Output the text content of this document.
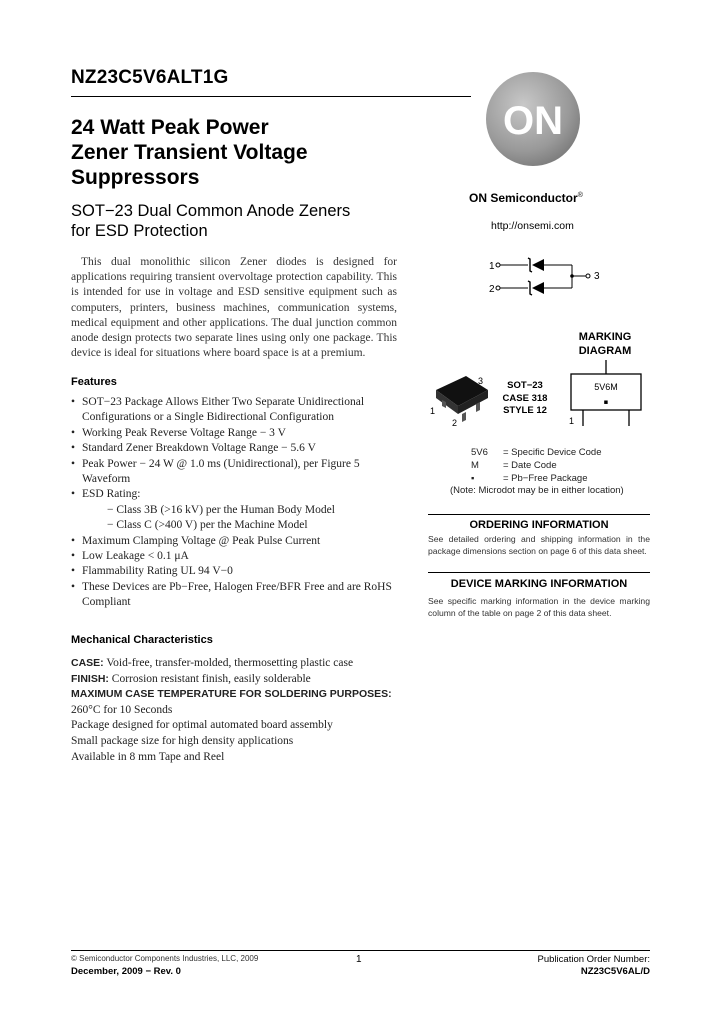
NZ23C5V6ALT1G
24 Watt Peak Power
Zener Transient Voltage
Suppressors
SOT−23 Dual Common Anode Zeners
for ESD Protection

This dual monolithic silicon Zener diodes is designed for applications requiring transient overvoltage protection capability. This is intended for use in voltage and ESD sensitive equipment such as computers, printers, business machines, communication systems, medical equipment and other applications. The dual junction common anode design protects two separate lines using only one package. This device is ideal for situations where board space is at a premium.

Features
• SOT−23 Package Allows Either Two Separate Unidirectional Configurations or a Single Bidirectional Configuration
• Working Peak Reverse Voltage Range − 3 V
• Standard Zener Breakdown Voltage Range − 5.6 V
• Peak Power − 24 W @ 1.0 ms (Unidirectional), per Figure 5 Waveform
• ESD Rating:
− Class 3B (>16 kV) per the Human Body Model
− Class C (>400 V) per the Machine Model
• Maximum Clamping Voltage @ Peak Pulse Current
• Low Leakage < 0.1 μA
• Flammability Rating UL 94 V−0
• These Devices are Pb−Free, Halogen Free/BFR Free and are RoHS Compliant
Mechanical Characteristics
CASE: Void-free, transfer-molded, thermosetting plastic case
FINISH: Corrosion resistant finish, easily solderable
MAXIMUM CASE TEMPERATURE FOR SOLDERING PURPOSES:
260°C for 10 Seconds
Package designed for optimal automated board assembly
Small package size for high density applications
Available in 8 mm Tape and Reel
ON
ON Semiconductor®
http://onsemi.com
1
2
3
MARKING
DIAGRAM
3
1
2
SOT−23
CASE 318
STYLE 12
5V6M
▪
1
5V6	= Specific Device Code
M	= Date Code
▪	= Pb−Free Package
(Note: Microdot may be in either location)
ORDERING INFORMATION
See detailed ordering and shipping information in the package dimensions section on page 6 of this data sheet.
DEVICE MARKING INFORMATION
See specific marking information in the device marking column of the table on page 2 of this data sheet.
© Semiconductor Components Industries, LLC, 2009
December, 2009 − Rev. 0
1	Publication Order Number:
NZ23C5V6AL/D
